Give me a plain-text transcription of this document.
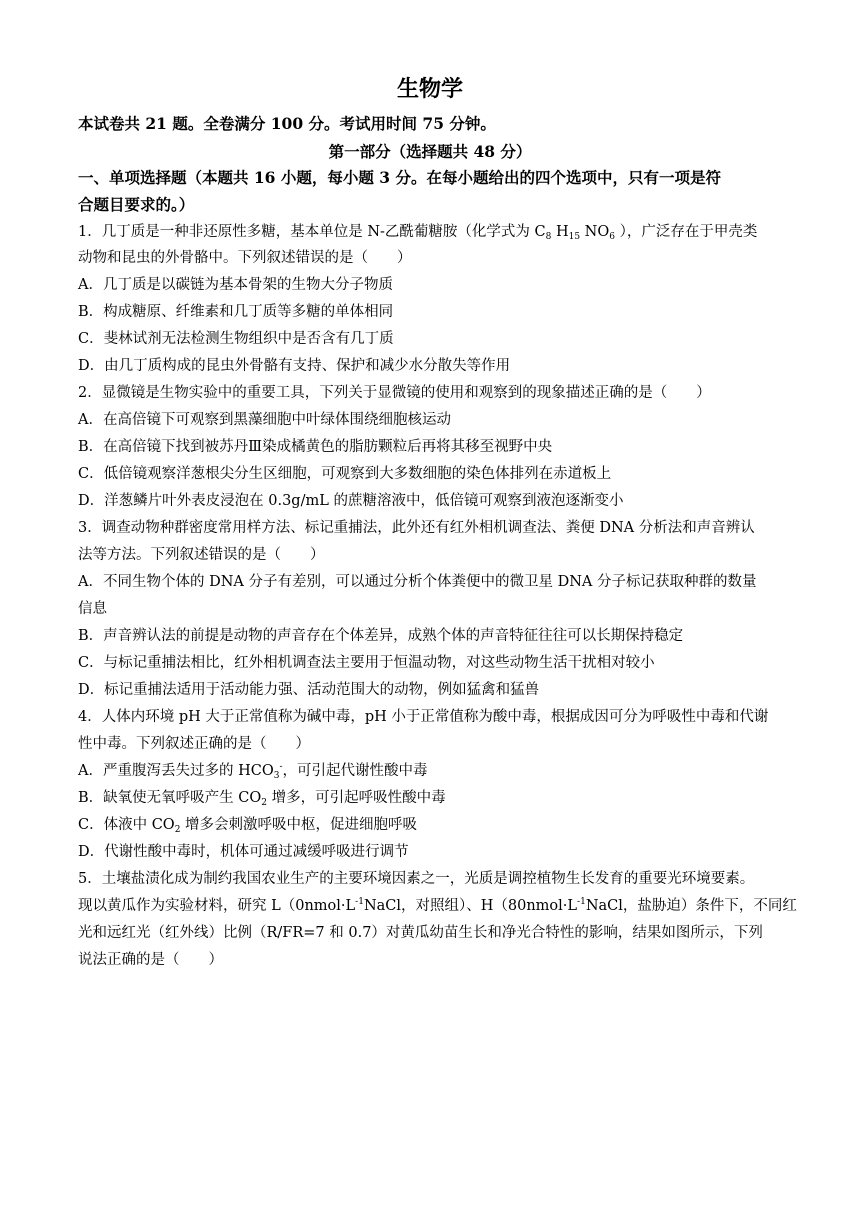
生物学
本试卷共 21 题。全卷满分 100 分。考试用时间 75 分钟。
第一部分（选择题共 48 分）
一、单项选择题（本题共 16 小题，每小题 3 分。在每小题给出的四个选项中，只有一项是符
合题目要求的。）
1．几丁质是一种非还原性多糖，基本单位是 N-乙酰葡糖胺（化学式为 $C_8$ $H_{15}$ $NO_6$ ），广泛存在于甲壳类
动物和昆虫的外骨骼中。下列叙述错误的是（　　）
A．几丁质是以碳链为基本骨架的生物大分子物质
B．构成糖原、纤维素和几丁质等多糖的单体相同
C．斐林试剂无法检测生物组织中是否含有几丁质
D．由几丁质构成的昆虫外骨骼有支持、保护和减少水分散失等作用
2．显微镜是生物实验中的重要工具，下列关于显微镜的使用和观察到的现象描述正确的是（　　）
A．在高倍镜下可观察到黑藻细胞中叶绿体围绕细胞核运动
B．在高倍镜下找到被苏丹Ⅲ染成橘黄色的脂肪颗粒后再将其移至视野中央
C．低倍镜观察洋葱根尖分生区细胞，可观察到大多数细胞的染色体排列在赤道板上
D．洋葱鳞片叶外表皮浸泡在 0.3g/mL 的蔗糖溶液中，低倍镜可观察到液泡逐渐变小
3．调查动物种群密度常用样方法、标记重捕法，此外还有红外相机调查法、粪便 DNA 分析法和声音辨认
法等方法。下列叙述错误的是（　　）
A．不同生物个体的 DNA 分子有差别，可以通过分析个体粪便中的微卫星 DNA 分子标记获取种群的数量
信息
B．声音辨认法的前提是动物的声音存在个体差异，成熟个体的声音特征往往可以长期保持稳定
C．与标记重捕法相比，红外相机调查法主要用于恒温动物，对这些动物生活干扰相对较小
D．标记重捕法适用于活动能力强、活动范围大的动物，例如猛禽和猛兽
4．人体内环境 pH 大于正常值称为碱中毒，pH 小于正常值称为酸中毒，根据成因可分为呼吸性中毒和代谢
性中毒。下列叙述正确的是（　　）
A．严重腹泻丢失过多的 $HCO_3^-$，可引起代谢性酸中毒
B．缺氧使无氧呼吸产生 $CO_2$ 增多，可引起呼吸性酸中毒
C．体液中 $CO_2$ 增多会刺激呼吸中枢，促进细胞呼吸
D．代谢性酸中毒时，机体可通过减缓呼吸进行调节
5．土壤盐渍化成为制约我国农业生产的主要环境因素之一，光质是调控植物生长发育的重要光环境要素。
现以黄瓜作为实验材料，研究 $L(0nmol\cdot L^{-1}NaCl$，对照组）、$H(80nmol\cdot L^{-1}NaCl$，盐胁迫）条件下，不同红
光和远红光（红外线）比例（R/FR=7 和 0.7）对黄瓜幼苗生长和净光合特性的影响，结果如图所示，下列
说法正确的是（　　）
